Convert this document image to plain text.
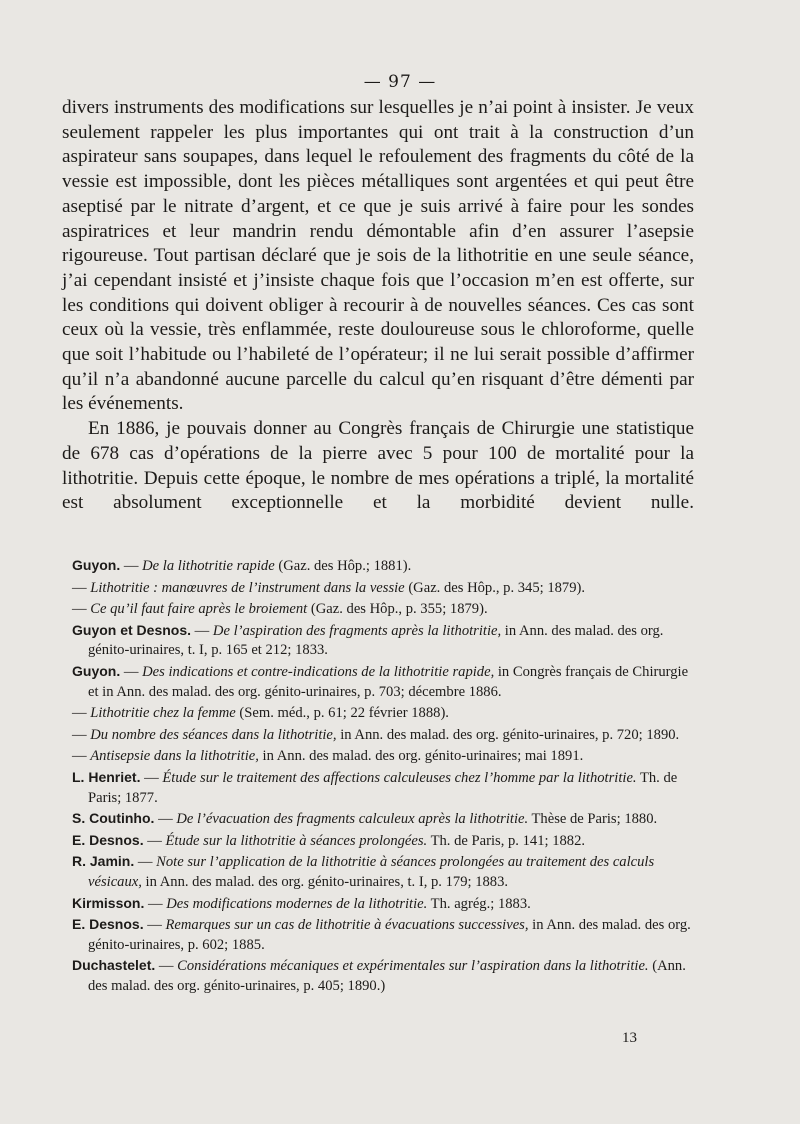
— 97 —

divers instruments des modifications sur lesquelles je n’ai point à insister. Je veux seulement rappeler les plus importantes qui ont trait à la construction d’un aspirateur sans soupapes, dans lequel le refoulement des fragments du côté de la vessie est impossible, dont les pièces métalliques sont argentées et qui peut être aseptisé par le nitrate d’argent, et ce que je suis arrivé à faire pour les sondes aspiratrices et leur mandrin rendu démontable afin d’en assurer l’asepsie rigoureuse. Tout partisan déclaré que je sois de la lithotritie en une seule séance, j’ai cependant insisté et j’insiste chaque fois que l’occasion m’en est offerte, sur les conditions qui doivent obliger à recourir à de nouvelles séances. Ces cas sont ceux où la vessie, très enflammée, reste douloureuse sous le chloroforme, quelle que soit l’habitude ou l’habileté de l’opérateur; il ne lui serait possible d’affirmer qu’il n’a abandonné aucune parcelle du calcul qu’en risquant d’être démenti par les événements.

En 1886, je pouvais donner au Congrès français de Chirurgie une statistique de 678 cas d’opérations de la pierre avec 5 pour 100 de mortalité pour la lithotritie. Depuis cette époque, le nombre de mes opérations a triplé, la mortalité est absolument exceptionnelle et la morbidité devient nulle.

Guyon. — De la lithotritie rapide (Gaz. des Hôp.; 1881).

— Lithotritie : manœuvres de l’instrument dans la vessie (Gaz. des Hôp., p. 345; 1879).

— Ce qu’il faut faire après le broiement (Gaz. des Hôp., p. 355; 1879).

Guyon et Desnos. — De l’aspiration des fragments après la lithotritie, in Ann. des malad. des org. génito-urinaires, t. I, p. 165 et 212; 1833.

Guyon. — Des indications et contre-indications de la lithotritie rapide, in Congrès français de Chirurgie et in Ann. des malad. des org. génito-urinaires, p. 703; décembre 1886.

— Lithotritie chez la femme (Sem. méd., p. 61; 22 février 1888).

— Du nombre des séances dans la lithotritie, in Ann. des malad. des org. génito-urinaires, p. 720; 1890.

— Antisepsie dans la lithotritie, in Ann. des malad. des org. génito-urinaires; mai 1891.

L. Henriet. — Étude sur le traitement des affections calculeuses chez l’homme par la lithotritie. Th. de Paris; 1877.

S. Coutinho. — De l’évacuation des fragments calculeux après la lithotritie. Thèse de Paris; 1880.

E. Desnos. — Étude sur la lithotritie à séances prolongées. Th. de Paris, p. 141; 1882.

R. Jamin. — Note sur l’application de la lithotritie à séances prolongées au traitement des calculs vésicaux, in Ann. des malad. des org. génito-urinaires, t. I, p. 179; 1883.

Kirmisson. — Des modifications modernes de la lithotritie. Th. agrég.; 1883.

E. Desnos. — Remarques sur un cas de lithotritie à évacuations successives, in Ann. des malad. des org. génito-urinaires, p. 602; 1885.

Duchastelet. — Considérations mécaniques et expérimentales sur l’aspiration dans la lithotritie. (Ann. des malad. des org. génito-urinaires, p. 405; 1890.)

13
